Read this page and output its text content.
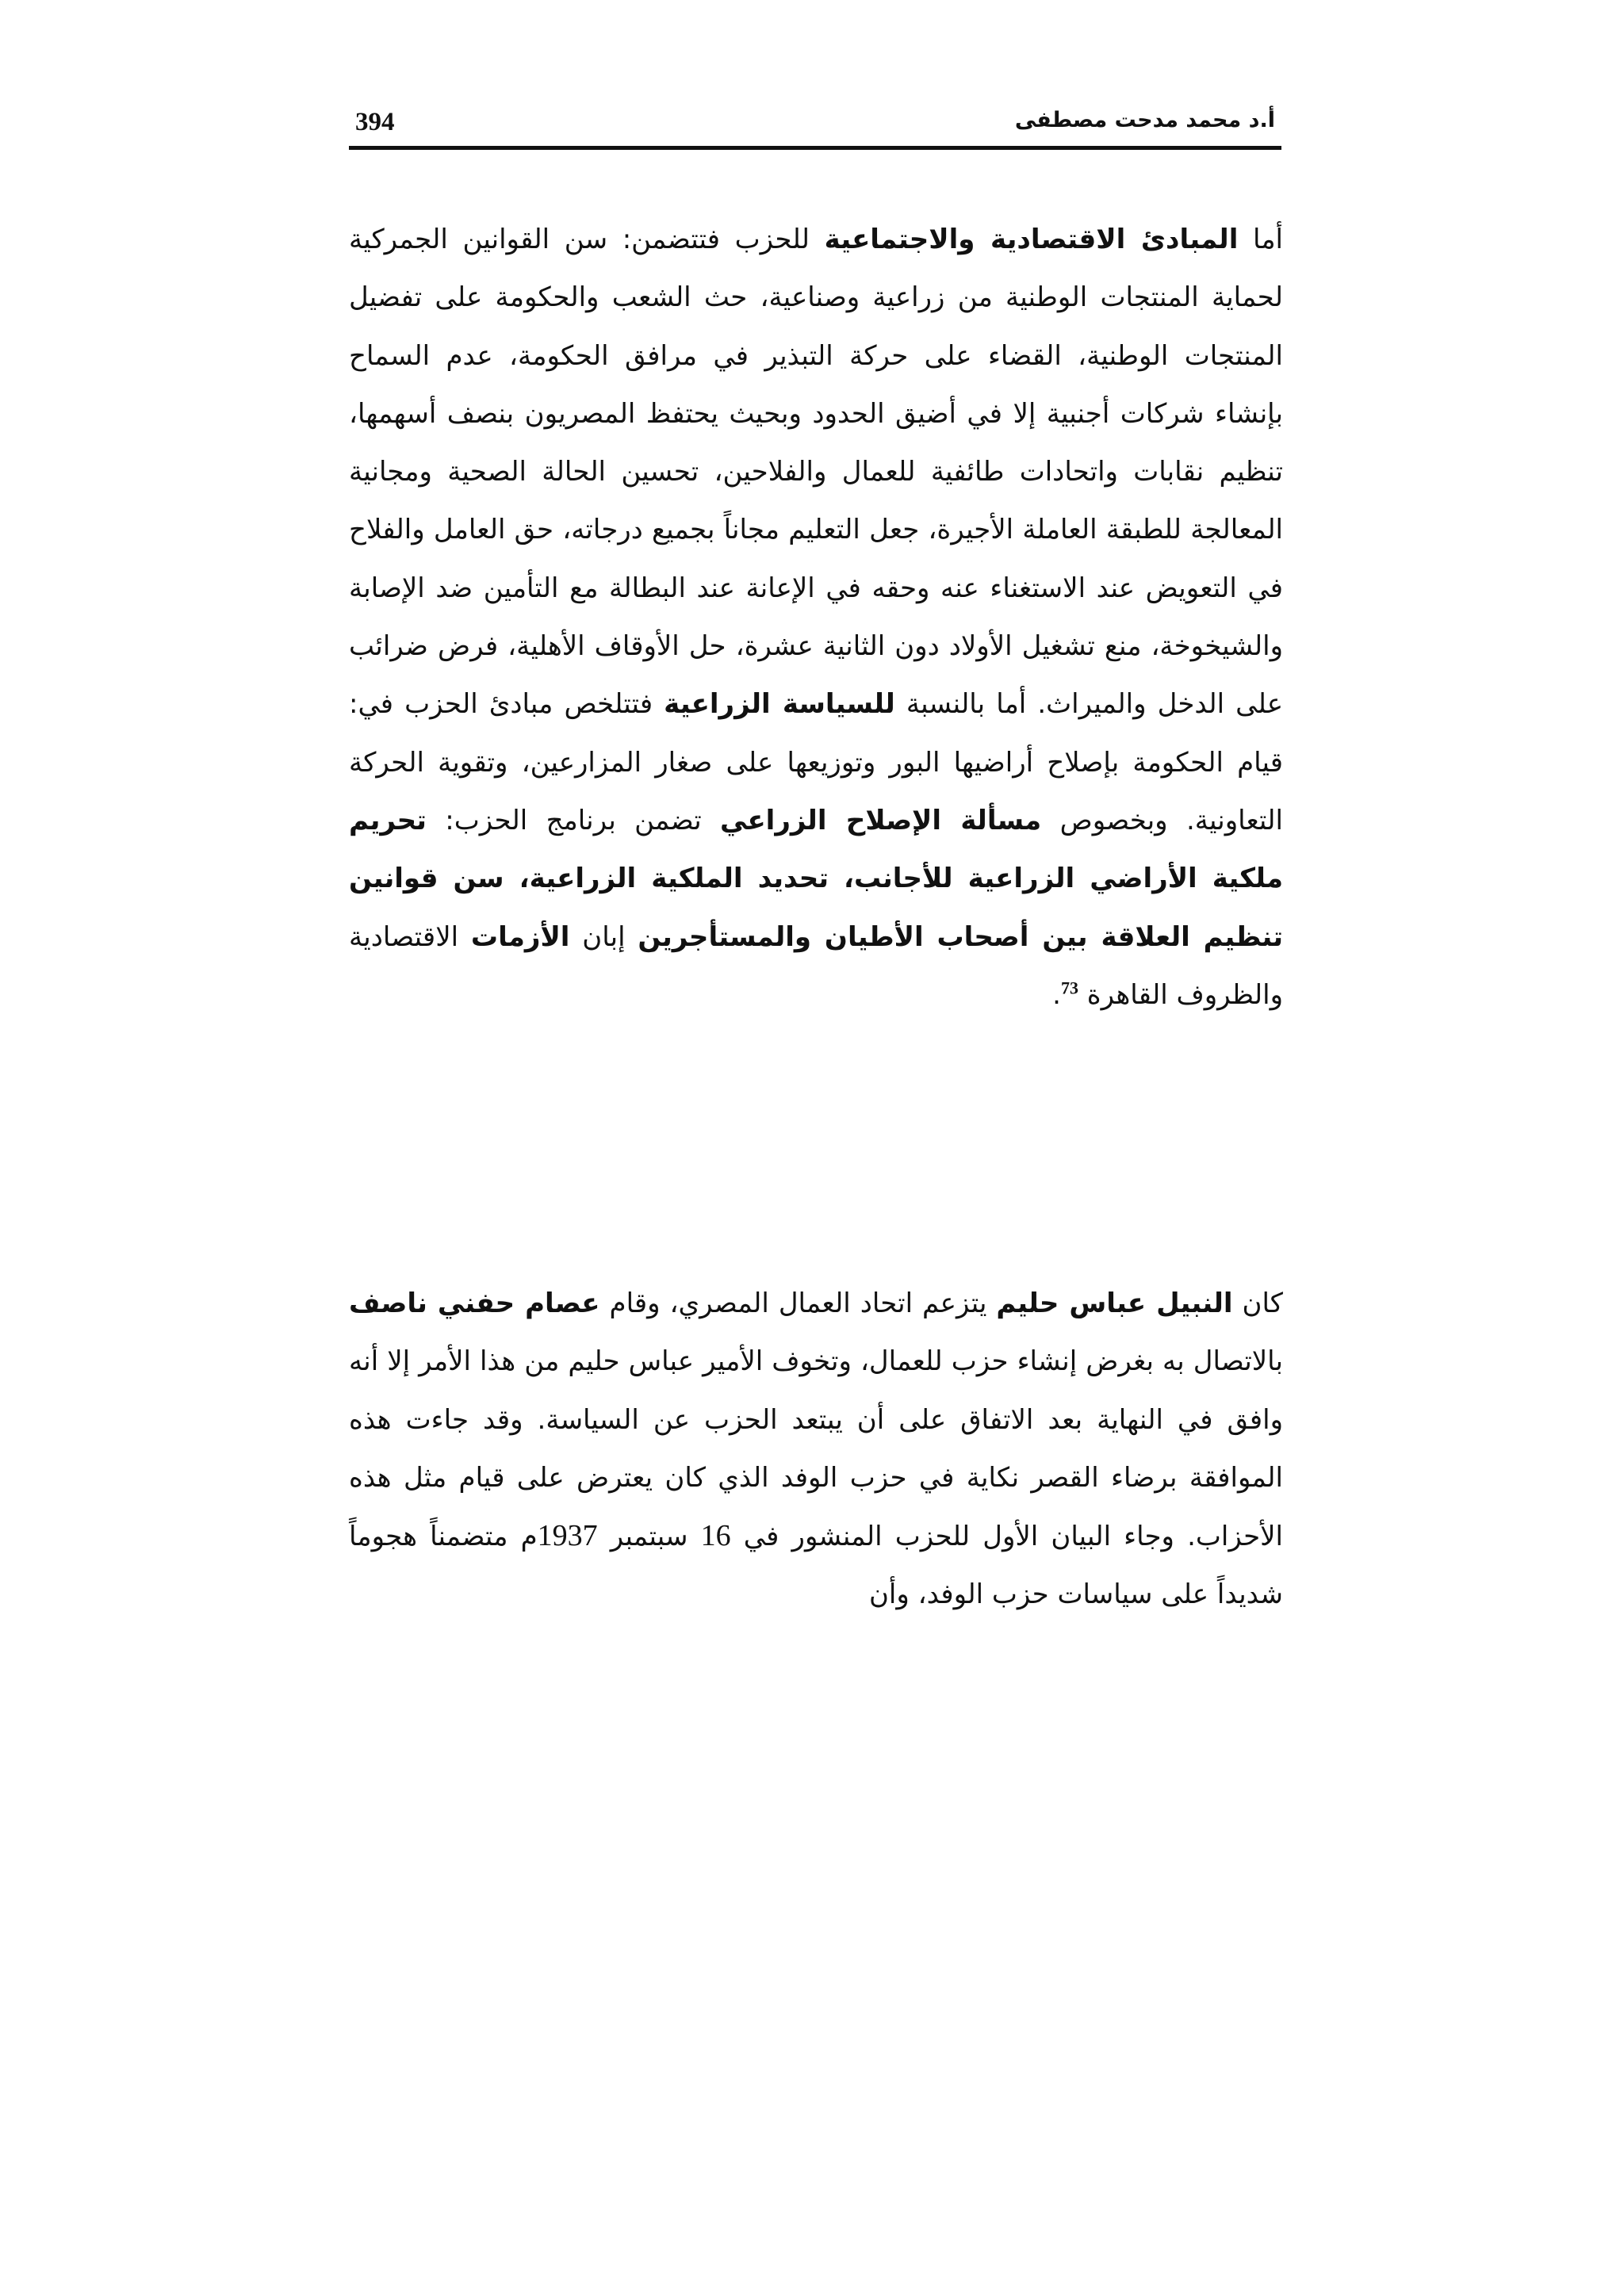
394	أ.د محمد مدحت مصطفى

أما المبادئ الاقتصادية والاجتماعية للحزب فتتضمن: سن القوانين الجمركية لحماية المنتجات الوطنية من زراعية وصناعية، حث الشعب والحكومة على تفضيل المنتجات الوطنية، القضاء على حركة التبذير في مرافق الحكومة، عدم السماح بإنشاء شركات أجنبية إلا في أضيق الحدود وبحيث يحتفظ المصريون بنصف أسهمها، تنظيم نقابات واتحادات طائفية للعمال والفلاحين، تحسين الحالة الصحية ومجانية المعالجة للطبقة العاملة الأجيرة، جعل التعليم مجاناً بجميع درجاته، حق العامل والفلاح في التعويض عند الاستغناء عنه وحقه في الإعانة عند البطالة مع التأمين ضد الإصابة والشيخوخة، منع تشغيل الأولاد دون الثانية عشرة، حل الأوقاف الأهلية، فرض ضرائب على الدخل والميراث. أما بالنسبة للسياسة الزراعية فتتلخص مبادئ الحزب في: قيام الحكومة بإصلاح أراضيها البور وتوزيعها على صغار المزارعين، وتقوية الحركة التعاونية. وبخصوص مسألة الإصلاح الزراعي تضمن برنامج الحزب: تحريم ملكية الأراضي الزراعية للأجانب، تحديد الملكية الزراعية، سن قوانين تنظيم العلاقة بين أصحاب الأطيان والمستأجرين إبان الأزمات الاقتصادية والظروف القاهرة $^{73}$.

كان النبيل عباس حليم يتزعم اتحاد العمال المصري، وقام عصام حفني ناصف بالاتصال به بغرض إنشاء حزب للعمال، وتخوف الأمير عباس حليم من هذا الأمر إلا أنه وافق في النهاية بعد الاتفاق على أن يبتعد الحزب عن السياسة. وقد جاءت هذه الموافقة برضاء القصر نكاية في حزب الوفد الذي كان يعترض على قيام مثل هذه الأحزاب. وجاء البيان الأول للحزب المنشور في 16 سبتمبر 1937م متضمناً هجوماً شديداً على سياسات حزب الوفد، وأن
